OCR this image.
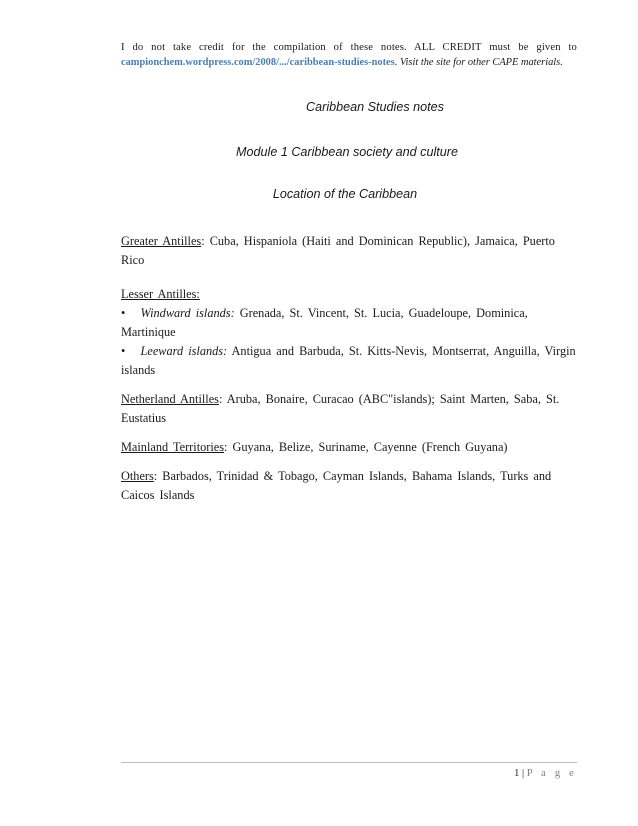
I do not take credit for the compilation of these notes. ALL CREDIT must be given to
campionchem.wordpress.com/2008/.../caribbean-studies-notes. Visit the site for other CAPE materials.
Caribbean Studies notes
Module 1 Caribbean society and culture
Location of the Caribbean

Greater Antilles: Cuba, Hispaniola (Haiti and Dominican Republic), Jamaica, Puerto Rico

Lesser Antilles:
• Windward islands: Grenada, St. Vincent, St. Lucia, Guadeloupe, Dominica, Martinique
• Leeward islands: Antigua and Barbuda, St. Kitts-Nevis, Montserrat, Anguilla, Virgin islands

Netherland Antilles: Aruba, Bonaire, Curacao (ABC"islands); Saint Marten, Saba, St. Eustatius

Mainland Territories: Guyana, Belize, Suriname, Cayenne (French Guyana)

Others: Barbados, Trinidad & Tobago, Cayman Islands, Bahama Islands, Turks and Caicos Islands

1 | P a g e
